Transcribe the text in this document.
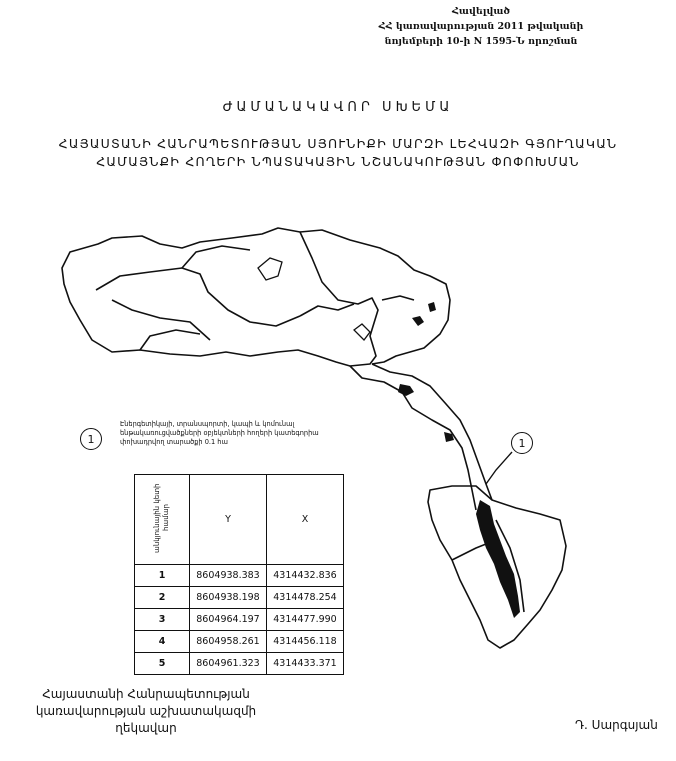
Հավելված
ՀՀ կառավարության 2011 թվականի
նոյեմբերի 10-ի N 1595-Ն որոշման
ԺԱՄԱՆԱԿԱՎՈՐ ՍԽԵՄԱ
ՀԱՅԱՍՏԱՆԻ ՀԱՆՐԱՊԵՏՈՒԹՅԱՆ ՍՅՈՒՆԻՔԻ ՄԱՐԶԻ ԼԵՀՎԱԶԻ ԳՅՈՒՂԱԿԱՆ
ՀԱՄԱՅՆՔԻ ՀՈՂԵՐԻ ՆՊԱՏԱԿԱՅԻՆ ՆՇԱՆԱԿՈՒԹՅԱՆ ՓՈՓՈԽՄԱՆ
1	1
Էներգետիկայի, տրանսպորտի, կապի և կոմունալ ենթակառուցվածքների օբյեկտների հողերի կատեգորիա փոխադրվող տարածքի 0.1 հա
անկյունային կետի համար	Y	X
1	8604938.383	4314432.836
2	8604938.198	4314478.254
3	8604964.197	4314477.990
4	8604958.261	4314456.118
5	8604961.323	4314433.371
Հայաստանի Հանրապետության
կառավարության աշխատակազմի
ղեկավար	Դ. Սարգսյան
